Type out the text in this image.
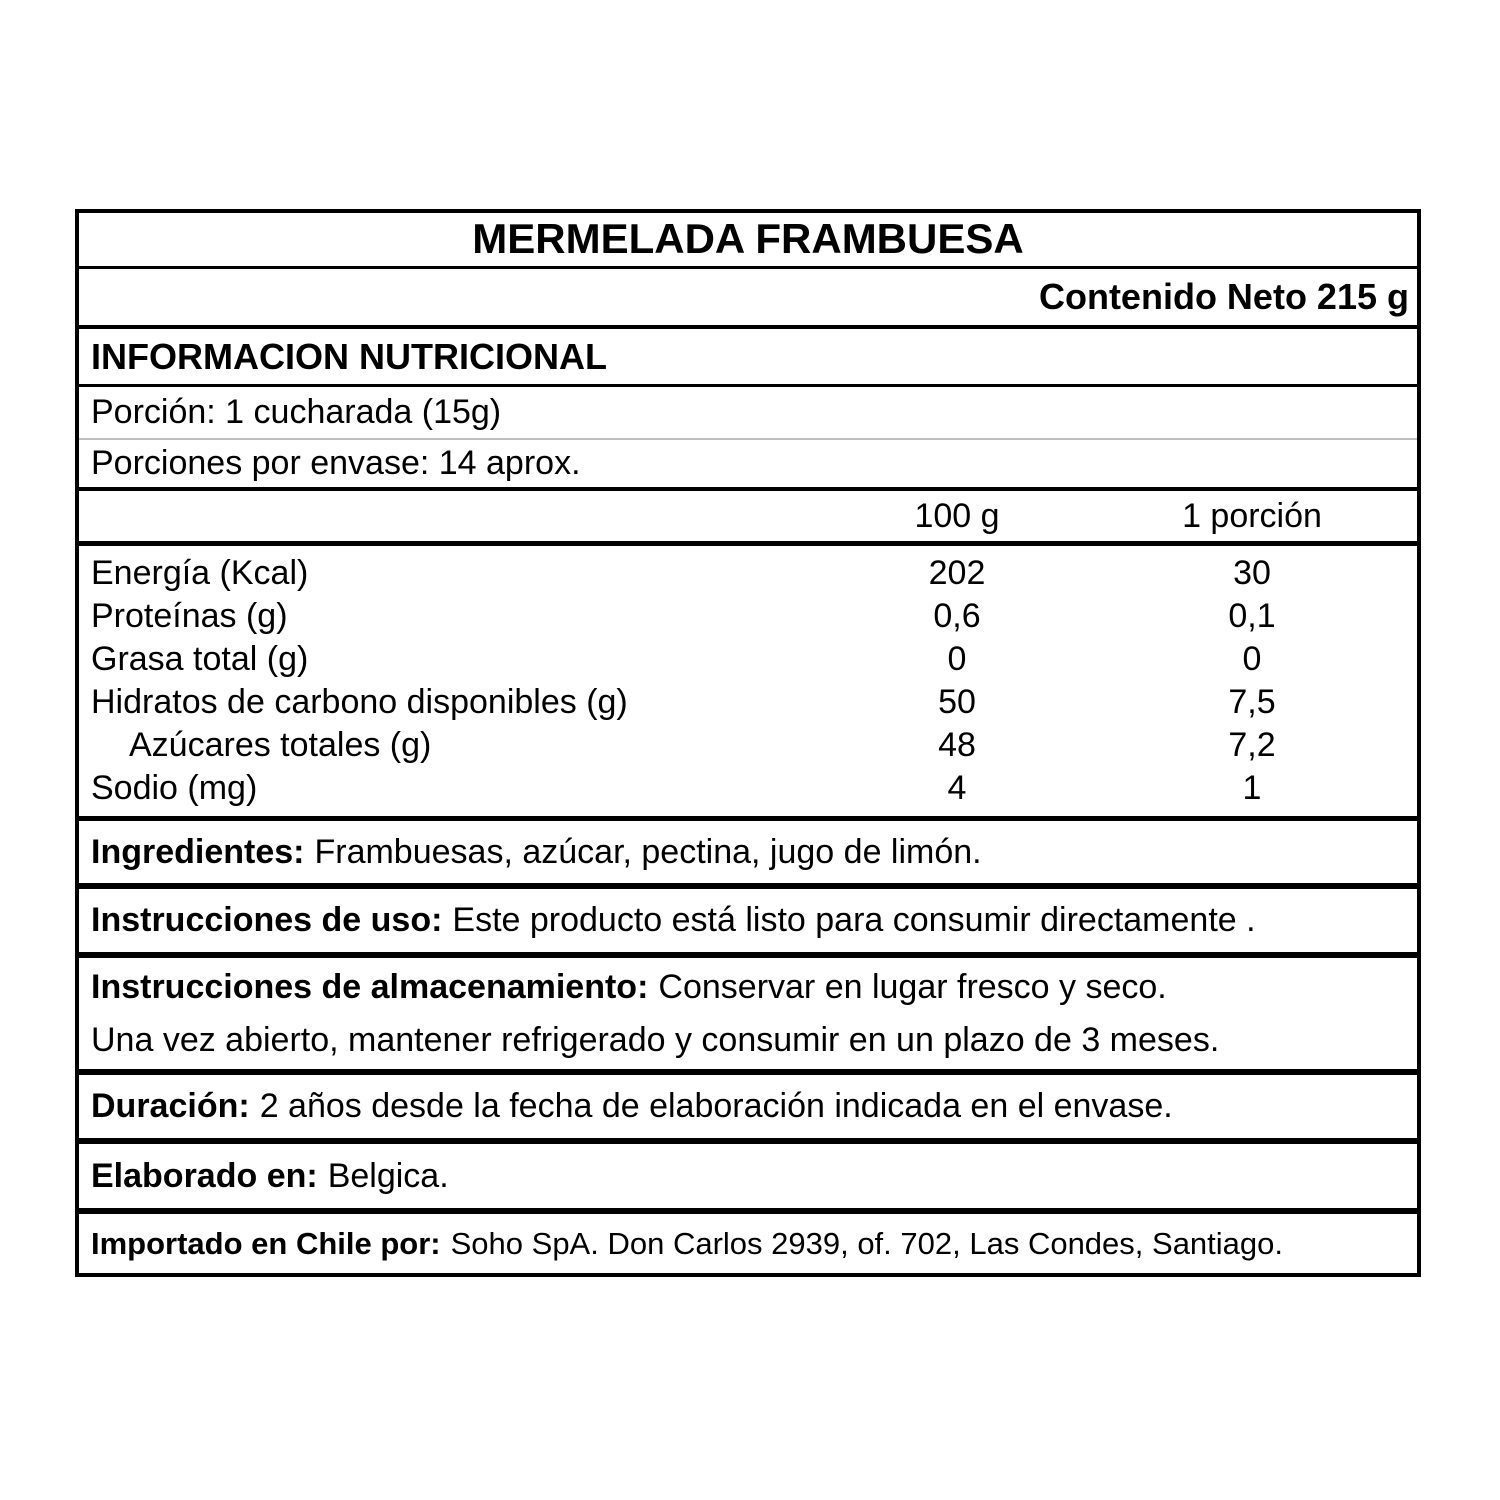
MERMELADA FRAMBUESA
Contenido Neto 215 g
INFORMACION NUTRICIONAL
Porción: 1 cucharada (15g)
Porciones por envase: 14 aprox.
100 g	1 porción
Energía (Kcal)	202	30
Proteínas (g)	0,6	0,1
Grasa total (g)	0	0
Hidratos de carbono disponibles (g)	50	7,5
Azúcares totales (g)	48	7,2
Sodio (mg)	4	1
Ingredientes: Frambuesas, azúcar, pectina, jugo de limón.
Instrucciones de uso: Este producto está listo para consumir directamente .
Instrucciones de almacenamiento: Conservar en lugar fresco y seco.
Una vez abierto, mantener refrigerado y consumir en un plazo de 3 meses.
Duración: 2 años desde la fecha de elaboración indicada en el envase.
Elaborado en: Belgica.
Importado en Chile por: Soho SpA. Don Carlos 2939, of. 702, Las Condes, Santiago.
